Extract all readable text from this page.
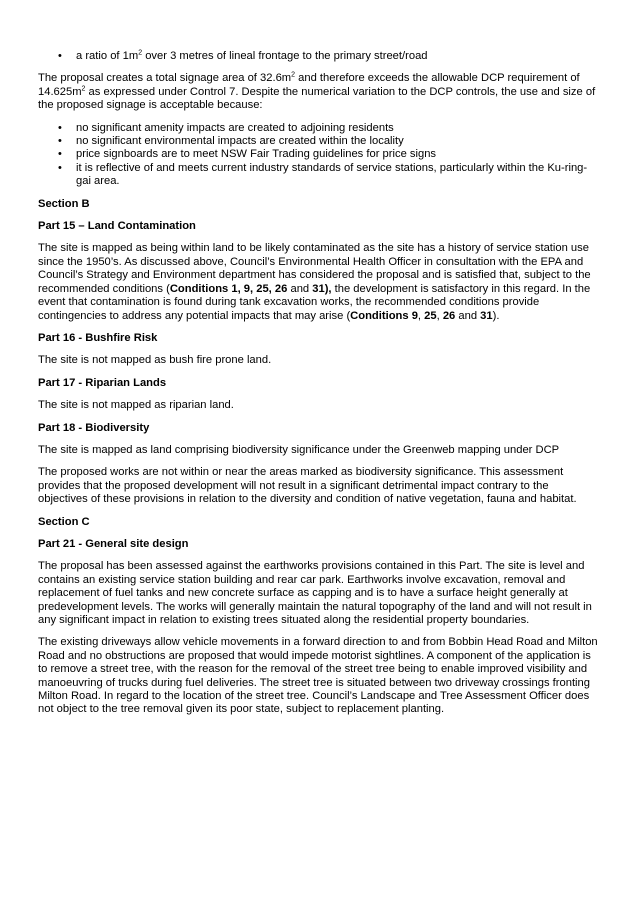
• a ratio of $1m^2$ over 3 metres of lineal frontage to the primary street/road

The proposal creates a total signage area of $32.6m^2$ and therefore exceeds the allowable DCP requirement of $14.625m^2$ as expressed under Control 7. Despite the numerical variation to the DCP controls, the use and size of the proposed signage is acceptable because:

• no significant amenity impacts are created to adjoining residents
• no significant environmental impacts are created within the locality
• price signboards are to meet NSW Fair Trading guidelines for price signs
• it is reflective of and meets current industry standards of service stations, particularly within the Ku-ring-gai area.

Section B

Part 15 – Land Contamination

The site is mapped as being within land to be likely contaminated as the site has a history of service station use since the 1950’s. As discussed above, Council’s Environmental Health Officer in consultation with the EPA and Council’s Strategy and Environment department has considered the proposal and is satisfied that, subject to the recommended conditions (Conditions 1, 9, 25, 26 and 31), the development is satisfactory in this regard. In the event that contamination is found during tank excavation works, the recommended conditions provide contingencies to address any potential impacts that may arise (Conditions 9, 25, 26 and 31).

Part 16 - Bushfire Risk

The site is not mapped as bush fire prone land.

Part 17 - Riparian Lands

The site is not mapped as riparian land.

Part 18 - Biodiversity

The site is mapped as land comprising biodiversity significance under the Greenweb mapping under DCP

The proposed works are not within or near the areas marked as biodiversity significance. This assessment provides that the proposed development will not result in a significant detrimental impact contrary to the objectives of these provisions in relation to the diversity and condition of native vegetation, fauna and habitat.

Section C

Part 21 - General site design

The proposal has been assessed against the earthworks provisions contained in this Part. The site is level and contains an existing service station building and rear car park. Earthworks involve excavation, removal and replacement of fuel tanks and new concrete surface as capping and is to have a surface height generally at predevelopment levels. The works will generally maintain the natural topography of the land and will not result in any significant impact in relation to existing trees situated along the residential property boundaries.

The existing driveways allow vehicle movements in a forward direction to and from Bobbin Head Road and Milton Road and no obstructions are proposed that would impede motorist sightlines. A component of the application is to remove a street tree, with the reason for the removal of the street tree being to enable improved visibility and manoeuvring of trucks during fuel deliveries. The street tree is situated between two driveway crossings fronting Milton Road. In regard to the location of the street tree. Council’s Landscape and Tree Assessment Officer does not object to the tree removal given its poor state, subject to replacement planting.
